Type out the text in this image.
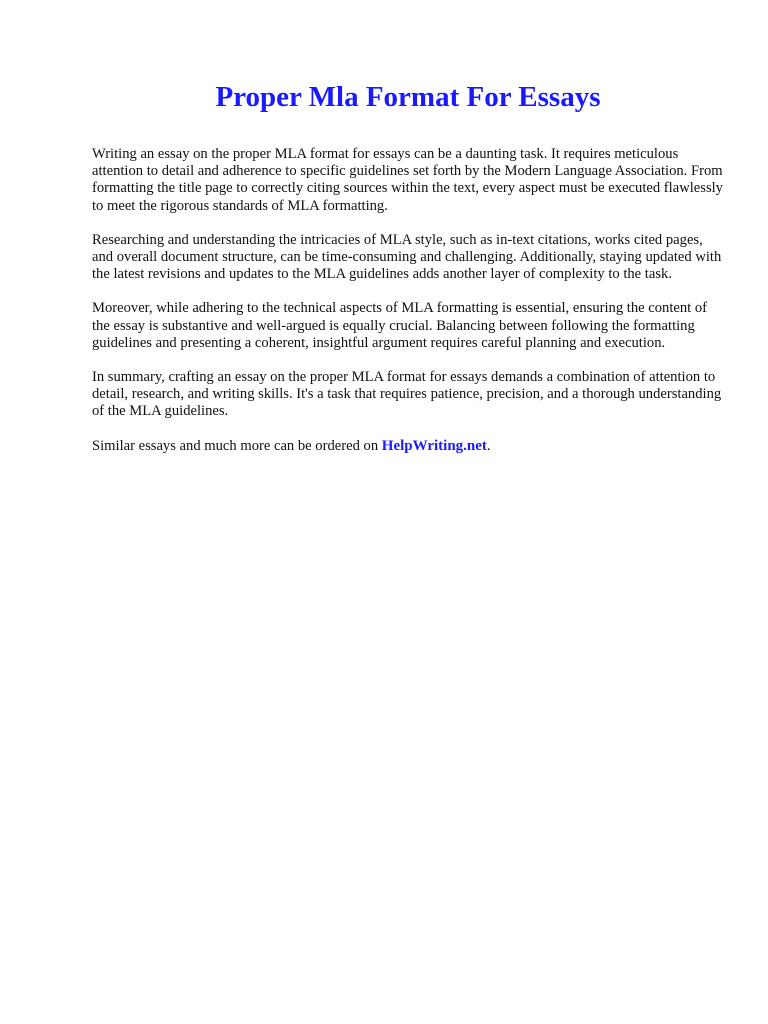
Proper Mla Format For Essays

Writing an essay on the proper MLA format for essays can be a daunting task. It requires meticulous attention to detail and adherence to specific guidelines set forth by the Modern Language Association. From formatting the title page to correctly citing sources within the text, every aspect must be executed flawlessly to meet the rigorous standards of MLA formatting.

Researching and understanding the intricacies of MLA style, such as in-text citations, works cited pages, and overall document structure, can be time-consuming and challenging. Additionally, staying updated with the latest revisions and updates to the MLA guidelines adds another layer of complexity to the task.

Moreover, while adhering to the technical aspects of MLA formatting is essential, ensuring the content of the essay is substantive and well-argued is equally crucial. Balancing between following the formatting guidelines and presenting a coherent, insightful argument requires careful planning and execution.

In summary, crafting an essay on the proper MLA format for essays demands a combination of attention to detail, research, and writing skills. It's a task that requires patience, precision, and a thorough understanding of the MLA guidelines.

Similar essays and much more can be ordered on HelpWriting.net.
